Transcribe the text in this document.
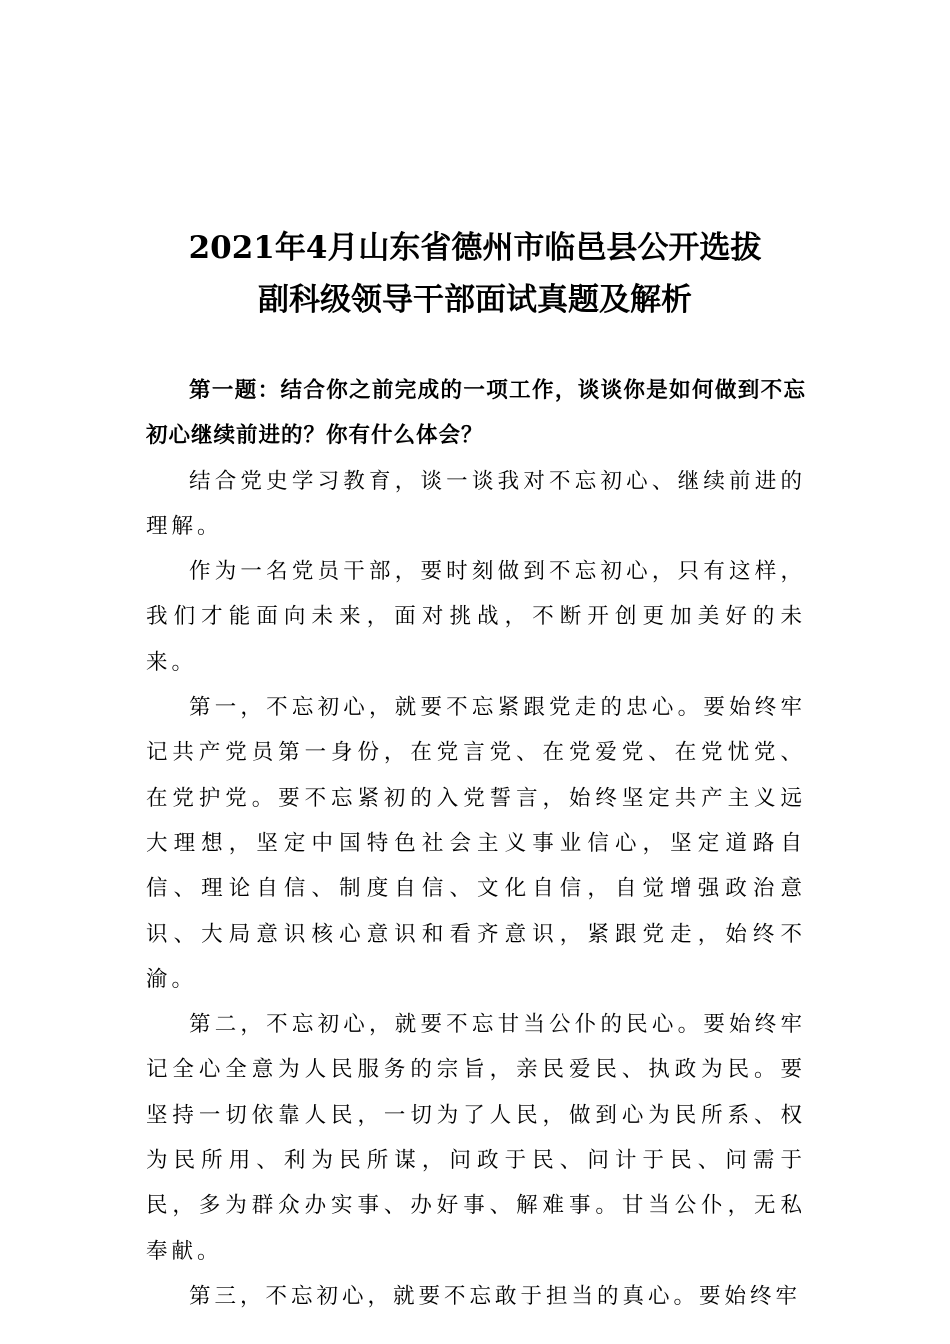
2021年4月山东省德州市临邑县公开选拔
副科级领导干部面试真题及解析

第一题：结合你之前完成的一项工作，谈谈你是如何做到不忘初心继续前进的？你有什么体会？

结合党史学习教育，谈一谈我对不忘初心、继续前进的理解。

作为一名党员干部，要时刻做到不忘初心，只有这样，我们才能面向未来，面对挑战，不断开创更加美好的未来。

第一，不忘初心，就要不忘紧跟党走的忠心。要始终牢记共产党员第一身份，在党言党、在党爱党、在党忧党、在党护党。要不忘紧初的入党誓言，始终坚定共产主义远大理想，坚定中国特色社会主义事业信心，坚定道路自信、理论自信、制度自信、文化自信，自觉增强政治意识、大局意识核心意识和看齐意识，紧跟党走，始终不渝。

第二，不忘初心，就要不忘甘当公仆的民心。要始终牢记全心全意为人民服务的宗旨，亲民爱民、执政为民。要坚持一切依靠人民，一切为了人民，做到心为民所系、权为民所用、利为民所谋，问政于民、问计于民、问需于民，多为群众办实事、办好事、解难事。甘当公仆，无私奉献。

第三，不忘初心，就要不忘敢于担当的真心。要始终牢
